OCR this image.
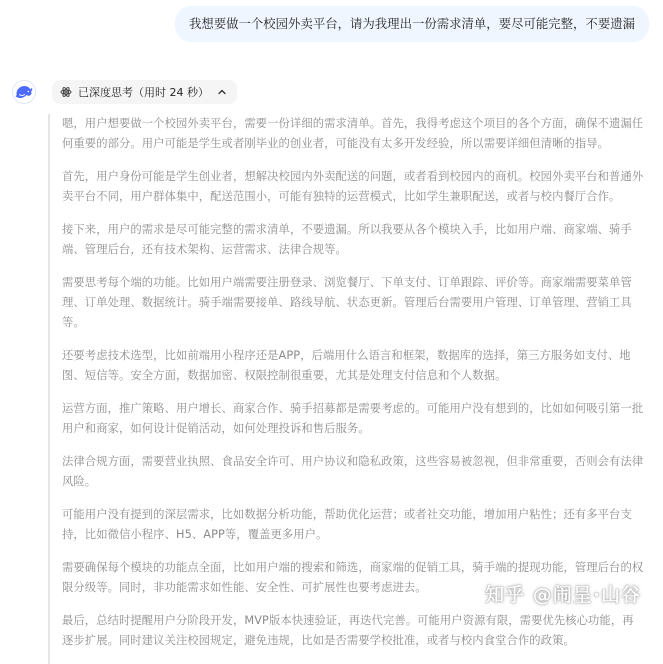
我想要做一个校园外卖平台，请为我理出一份需求清单，要尽可能完整，不要遗漏
已深度思考（用时 24 秒）

嗯，用户想要做一个校园外卖平台，需要一份详细的需求清单。首先，我得考虑这个项目的各个方面，确保不遗漏任何重要的部分。用户可能是学生或者刚毕业的创业者，可能没有太多开发经验，所以需要详细但清晰的指导。

首先，用户身份可能是学生创业者，想解决校园内外卖配送的问题，或者看到校园内的商机。校园外卖平台和普通外卖平台不同，用户群体集中，配送范围小，可能有独特的运营模式，比如学生兼职配送，或者与校内餐厅合作。

接下来，用户的需求是尽可能完整的需求清单，不要遗漏。所以我要从各个模块入手，比如用户端、商家端、骑手端、管理后台，还有技术架构、运营需求、法律合规等。

需要思考每个端的功能。比如用户端需要注册登录、浏览餐厅、下单支付、订单跟踪、评价等。商家端需要菜单管理、订单处理、数据统计。骑手端需要接单、路线导航、状态更新。管理后台需要用户管理、订单管理、营销工具等。

还要考虑技术选型，比如前端用小程序还是APP，后端用什么语言和框架，数据库的选择，第三方服务如支付、地图、短信等。安全方面，数据加密、权限控制很重要，尤其是处理支付信息和个人数据。

运营方面，推广策略、用户增长、商家合作、骑手招募都是需要考虑的。可能用户没有想到的，比如如何吸引第一批用户和商家，如何设计促销活动，如何处理投诉和售后服务。

法律合规方面，需要营业执照、食品安全许可、用户协议和隐私政策，这些容易被忽视，但非常重要，否则会有法律风险。

可能用户没有提到的深层需求，比如数据分析功能，帮助优化运营；或者社交功能，增加用户粘性；还有多平台支持，比如微信小程序、H5、APP等，覆盖更多用户。

需要确保每个模块的功能点全面，比如用户端的搜索和筛选，商家端的促销工具，骑手端的提现功能，管理后台的权限分级等。同时，非功能需求如性能、安全性、可扩展性也要考虑进去。

最后，总结时提醒用户分阶段开发，MVP版本快速验证，再迭代完善。可能用户资源有限，需要优先核心功能，再逐步扩展。同时建议关注校园规定，避免违规，比如是否需要学校批准，或者与校内食堂合作的政策。

知乎 @闹呈·山谷
